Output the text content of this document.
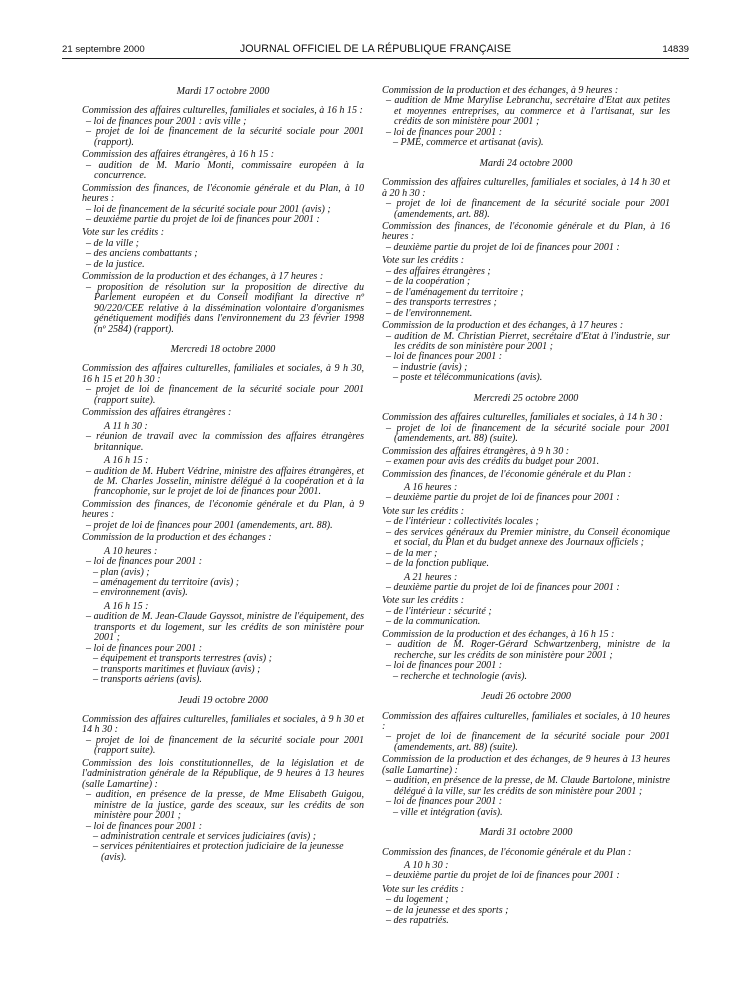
21 septembre 2000	JOURNAL OFFICIEL DE LA RÉPUBLIQUE FRANÇAISE	14839
Mardi 17 octobre 2000
Commission des affaires culturelles, familiales et sociales, à 16 h 15 :
– loi de finances pour 2001 : avis ville ;
– projet de loi de financement de la sécurité sociale pour 2001 (rapport).
Commission des affaires étrangères, à 16 h 15 :
– audition de M. Mario Monti, commissaire européen à la concurrence.
Commission des finances, de l'économie générale et du Plan, à 10 heures :
– loi de financement de la sécurité sociale pour 2001 (avis) ;
– deuxième partie du projet de loi de finances pour 2001 :
Vote sur les crédits :
– de la ville ;
– des anciens combattants ;
– de la justice.
Commission de la production et des échanges, à 17 heures :
– proposition de résolution sur la proposition de directive du Parlement européen et du Conseil modifiant la directive nº 90/220/CEE relative à la dissémination volontaire d'organismes génétiquement modifiés dans l'environnement du 23 février 1998 (nº 2584) (rapport).
Mercredi 18 octobre 2000
Commission des affaires culturelles, familiales et sociales, à 9 h 30, 16 h 15 et 20 h 30 :
– projet de loi de financement de la sécurité sociale pour 2001 (rapport suite).
Commission des affaires étrangères :
A 11 h 30 :
– réunion de travail avec la commission des affaires étrangères britannique.
A 16 h 15 :
– audition de M. Hubert Védrine, ministre des affaires étrangères, et de M. Charles Josselin, ministre délégué à la coopération et à la francophonie, sur le projet de loi de finances pour 2001.
Commission des finances, de l'économie générale et du Plan, à 9 heures :
– projet de loi de finances pour 2001 (amendements, art. 88).
Commission de la production et des échanges :
A 10 heures :
– loi de finances pour 2001 :
– plan (avis) ;
– aménagement du territoire (avis) ;
– environnement (avis).
A 16 h 15 :
– audition de M. Jean-Claude Gayssot, ministre de l'équipement, des transports et du logement, sur les crédits de son ministère pour 2001 ;
– loi de finances pour 2001 :
– équipement et transports terrestres (avis) ;
– transports maritimes et fluviaux (avis) ;
– transports aériens (avis).
Jeudi 19 octobre 2000
Commission des affaires culturelles, familiales et sociales, à 9 h 30 et 14 h 30 :
– projet de loi de financement de la sécurité sociale pour 2001 (rapport suite).
Commission des lois constitutionnelles, de la législation et de l'administration générale de la République, de 9 heures à 13 heures (salle Lamartine) :
– audition, en présence de la presse, de Mme Elisabeth Guigou, ministre de la justice, garde des sceaux, sur les crédits de son ministère pour 2001 ;
– loi de finances pour 2001 :
– administration centrale et services judiciaires (avis) ;
– services pénitentiaires et protection judiciaire de la jeunesse (avis).
Commission de la production et des échanges, à 9 heures :
– audition de Mme Marylise Lebranchu, secrétaire d'Etat aux petites et moyennes entreprises, au commerce et à l'artisanat, sur les crédits de son ministère pour 2001 ;
– loi de finances pour 2001 :
– PME, commerce et artisanat (avis).
Mardi 24 octobre 2000
Commission des affaires culturelles, familiales et sociales, à 14 h 30 et à 20 h 30 :
– projet de loi de financement de la sécurité sociale pour 2001 (amendements, art. 88).
Commission des finances, de l'économie générale et du Plan, à 16 heures :
– deuxième partie du projet de loi de finances pour 2001 :
Vote sur les crédits :
– des affaires étrangères ;
– de la coopération ;
– de l'aménagement du territoire ;
– des transports terrestres ;
– de l'environnement.
Commission de la production et des échanges, à 17 heures :
– audition de M. Christian Pierret, secrétaire d'Etat à l'industrie, sur les crédits de son ministère pour 2001 ;
– loi de finances pour 2001 :
– industrie (avis) ;
– poste et télécommunications (avis).
Mercredi 25 octobre 2000
Commission des affaires culturelles, familiales et sociales, à 14 h 30 :
– projet de loi de financement de la sécurité sociale pour 2001 (amendements, art. 88) (suite).
Commission des affaires étrangères, à 9 h 30 :
– examen pour avis des crédits du budget pour 2001.
Commission des finances, de l'économie générale et du Plan :
A 16 heures :
– deuxième partie du projet de loi de finances pour 2001 :
Vote sur les crédits :
– de l'intérieur : collectivités locales ;
– des services généraux du Premier ministre, du Conseil économique et social, du Plan et du budget annexe des Journaux officiels ;
– de la mer ;
– de la fonction publique.
A 21 heures :
– deuxième partie du projet de loi de finances pour 2001 :
Vote sur les crédits :
– de l'intérieur : sécurité ;
– de la communication.
Commission de la production et des échanges, à 16 h 15 :
– audition de M. Roger-Gérard Schwartzenberg, ministre de la recherche, sur les crédits de son ministère pour 2001 ;
– loi de finances pour 2001 :
– recherche et technologie (avis).
Jeudi 26 octobre 2000
Commission des affaires culturelles, familiales et sociales, à 10 heures :
– projet de loi de financement de la sécurité sociale pour 2001 (amendements, art. 88) (suite).
Commission de la production et des échanges, de 9 heures à 13 heures (salle Lamartine) :
– audition, en présence de la presse, de M. Claude Bartolone, ministre délégué à la ville, sur les crédits de son ministère pour 2001 ;
– loi de finances pour 2001 :
– ville et intégration (avis).
Mardi 31 octobre 2000
Commission des finances, de l'économie générale et du Plan :
A 10 h 30 :
– deuxième partie du projet de loi de finances pour 2001 :
Vote sur les crédits :
– du logement ;
– de la jeunesse et des sports ;
– des rapatriés.
